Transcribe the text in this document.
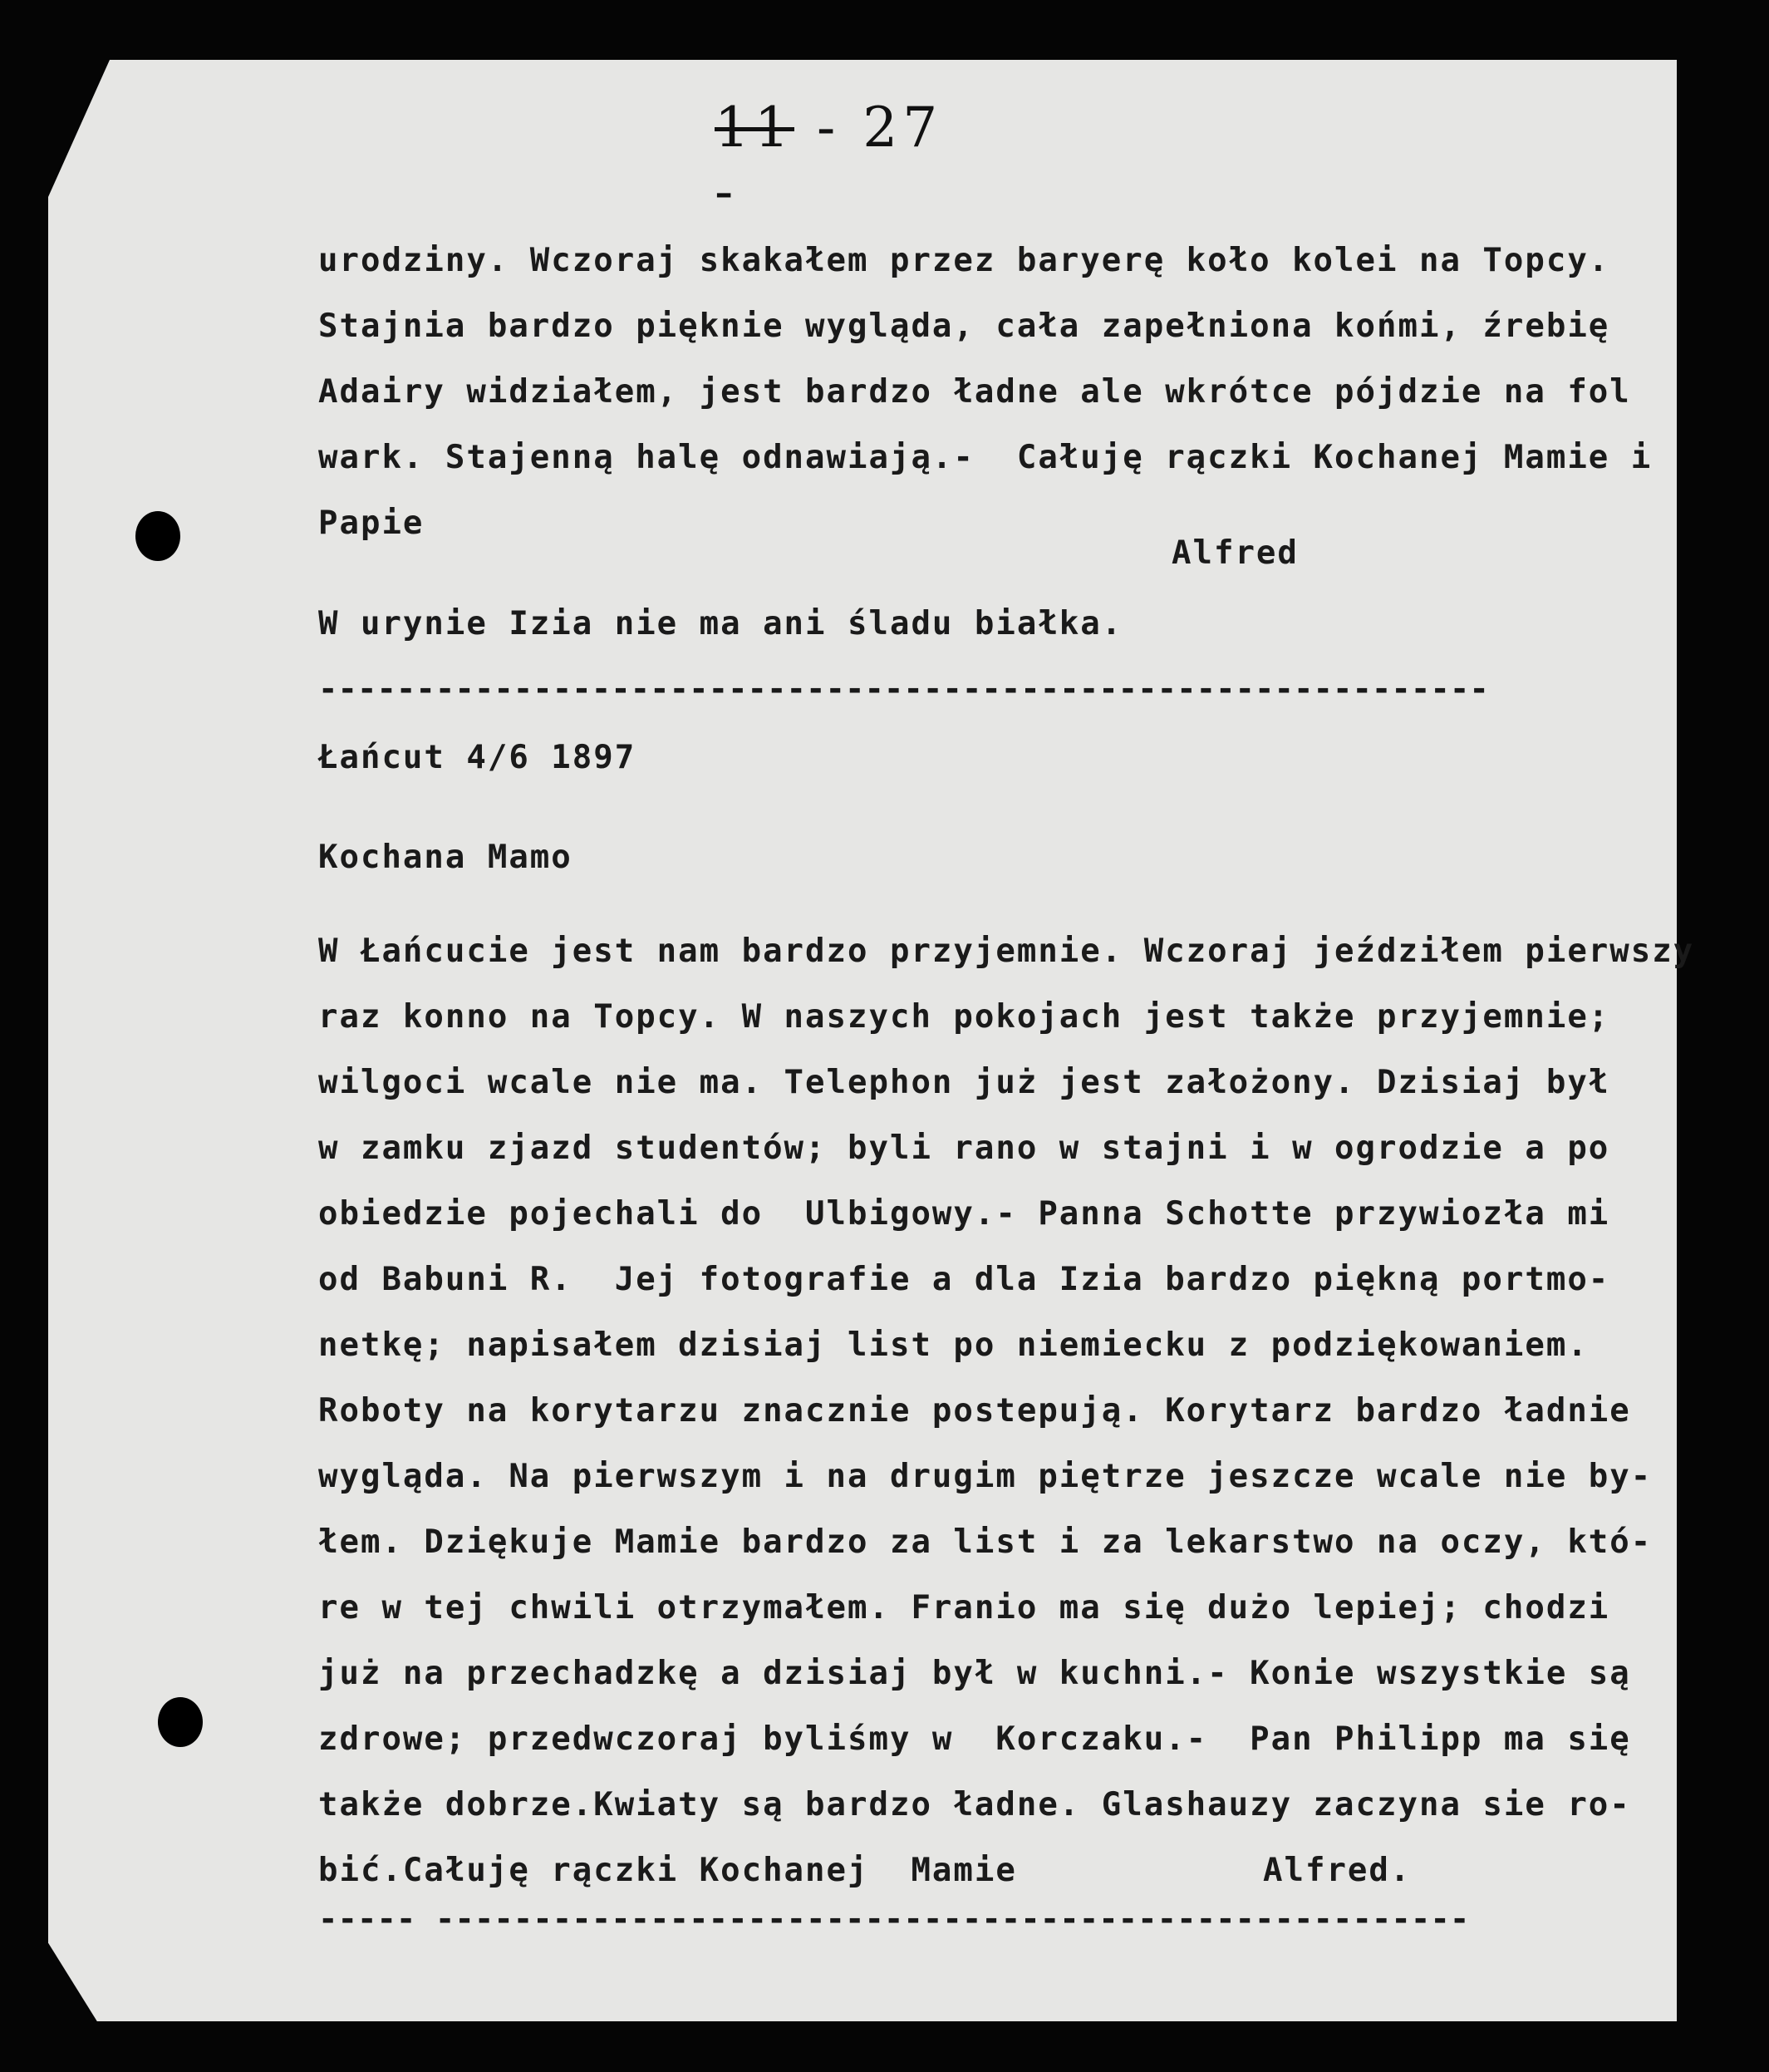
11 - 27 -

urodziny. Wczoraj skakałem przez baryerę koło kolei na Topcy.

Stajnia bardzo pięknie wygląda, cała zapełniona końmi, źrebię

Adairy widziałem, jest bardzo ładne ale wkrótce pójdzie na fol

wark. Stajenną halę odnawiają.-  Całuję rączki Kochanej Mamie i

Papie

Alfred

W urynie Izia nie ma ani śladu białka.

------------------------------------------------------------

Łańcut 4/6 1897

Kochana Mamo

W Łańcucie jest nam bardzo przyjemnie. Wczoraj jeździłem pierwszy

raz konno na Topcy. W naszych pokojach jest także przyjemnie;

wilgoci wcale nie ma. Telephon już jest założony. Dzisiaj był

w zamku zjazd studentów; byli rano w stajni i w ogrodzie a po

obiedzie pojechali do  Ulbigowy.- Panna Schotte przywiozła mi

od Babuni R.  Jej fotografie a dla Izia bardzo piękną portmo-

netkę; napisałem dzisiaj list po niemiecku z podziękowaniem.

Roboty na korytarzu znacznie postepują. Korytarz bardzo ładnie

wygląda. Na pierwszym i na drugim piętrze jeszcze wcale nie by-

łem. Dziękuje Mamie bardzo za list i za lekarstwo na oczy, któ-

re w tej chwili otrzymałem. Franio ma się dużo lepiej; chodzi

już na przechadzkę a dzisiaj był w kuchni.- Konie wszystkie są

zdrowe; przedwczoraj byliśmy w  Korczaku.-  Pan Philipp ma się

także dobrze.Kwiaty są bardzo ładne. Glashauzy zaczyna sie ro-

bić.Całuję rączki Kochanej  Mamie

	Alfred.

----- -----------------------------------------------------
